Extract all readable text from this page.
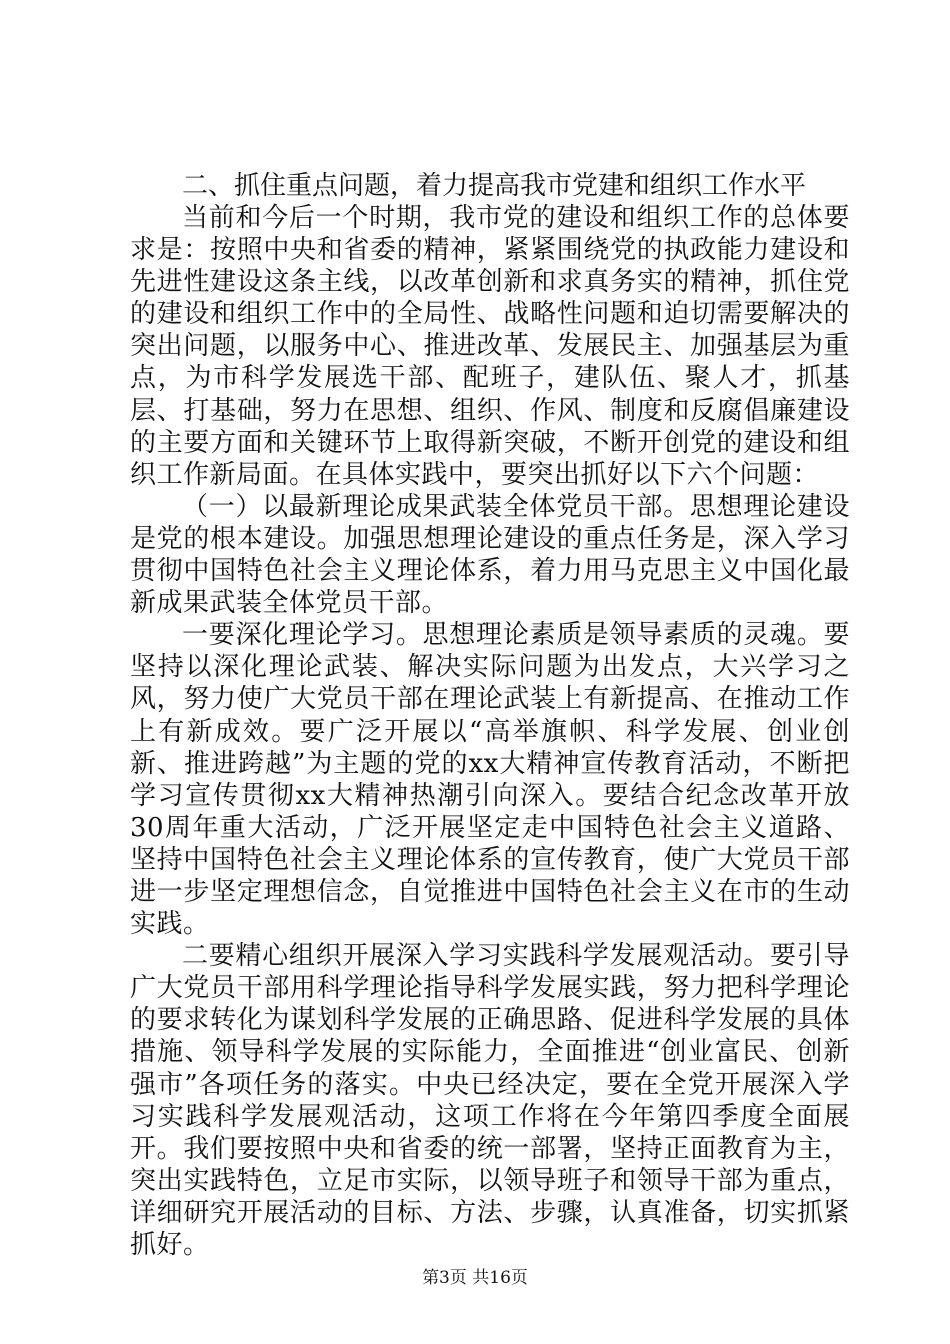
二、抓住重点问题，着力提高我市党建和组织工作水平

当前和今后一个时期，我市党的建设和组织工作的总体要求是：按照中央和省委的精神，紧紧围绕党的执政能力建设和先进性建设这条主线，以改革创新和求真务实的精神，抓住党的建设和组织工作中的全局性、战略性问题和迫切需要解决的突出问题，以服务中心、推进改革、发展民主、加强基层为重点，为市科学发展选干部、配班子，建队伍、聚人才，抓基层、打基础，努力在思想、组织、作风、制度和反腐倡廉建设的主要方面和关键环节上取得新突破，不断开创党的建设和组织工作新局面。在具体实践中，要突出抓好以下六个问题：

（一）以最新理论成果武装全体党员干部。思想理论建设是党的根本建设。加强思想理论建设的重点任务是，深入学习贯彻中国特色社会主义理论体系，着力用马克思主义中国化最新成果武装全体党员干部。

一要深化理论学习。思想理论素质是领导素质的灵魂。要坚持以深化理论武装、解决实际问题为出发点，大兴学习之风，努力使广大党员干部在理论武装上有新提高、在推动工作上有新成效。要广泛开展以“高举旗帜、科学发展、创业创新、推进跨越”为主题的党的xx大精神宣传教育活动，不断把学习宣传贯彻xx大精神热潮引向深入。要结合纪念改革开放30周年重大活动，广泛开展坚定走中国特色社会主义道路、坚持中国特色社会主义理论体系的宣传教育，使广大党员干部进一步坚定理想信念，自觉推进中国特色社会主义在市的生动实践。

二要精心组织开展深入学习实践科学发展观活动。要引导广大党员干部用科学理论指导科学发展实践，努力把科学理论的要求转化为谋划科学发展的正确思路、促进科学发展的具体措施、领导科学发展的实际能力，全面推进“创业富民、创新强市”各项任务的落实。中央已经决定，要在全党开展深入学习实践科学发展观活动，这项工作将在今年第四季度全面展开。我们要按照中央和省委的统一部署，坚持正面教育为主，突出实践特色，立足市实际，以领导班子和领导干部为重点，详细研究开展活动的目标、方法、步骤，认真准备，切实抓紧抓好。

第3页 共16页
